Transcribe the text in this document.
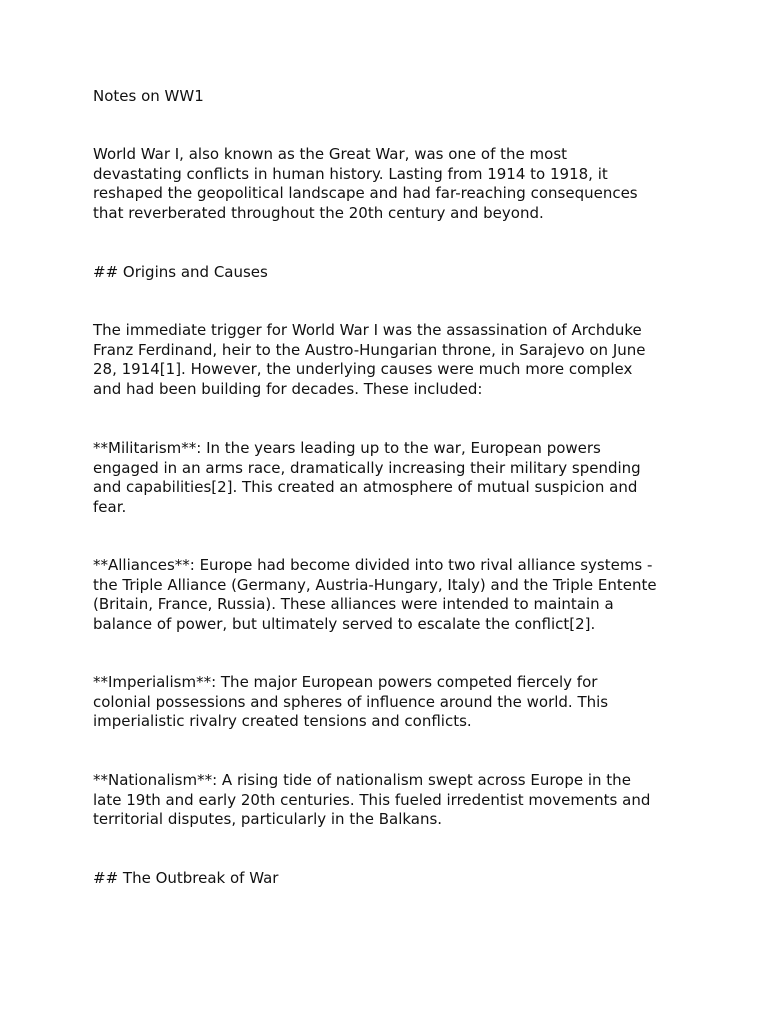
Notes on WW1

World War I, also known as the Great War, was one of the most
devastating conflicts in human history. Lasting from 1914 to 1918, it
reshaped the geopolitical landscape and had far-reaching consequences
that reverberated throughout the 20th century and beyond.

## Origins and Causes

The immediate trigger for World War I was the assassination of Archduke
Franz Ferdinand, heir to the Austro-Hungarian throne, in Sarajevo on June
28, 1914[1]. However, the underlying causes were much more complex
and had been building for decades. These included:
**Militarism**: In the years leading up to the war, European powers
engaged in an arms race, dramatically increasing their military spending
and capabilities[2]. This created an atmosphere of mutual suspicion and
fear.
**Alliances**: Europe had become divided into two rival alliance systems -
the Triple Alliance (Germany, Austria-Hungary, Italy) and the Triple Entente
(Britain, France, Russia). These alliances were intended to maintain a
balance of power, but ultimately served to escalate the conflict[2].
**Imperialism**: The major European powers competed fiercely for
colonial possessions and spheres of influence around the world. This
imperialistic rivalry created tensions and conflicts.
**Nationalism**: A rising tide of nationalism swept across Europe in the
late 19th and early 20th centuries. This fueled irredentist movements and
territorial disputes, particularly in the Balkans.

## The Outbreak of War
